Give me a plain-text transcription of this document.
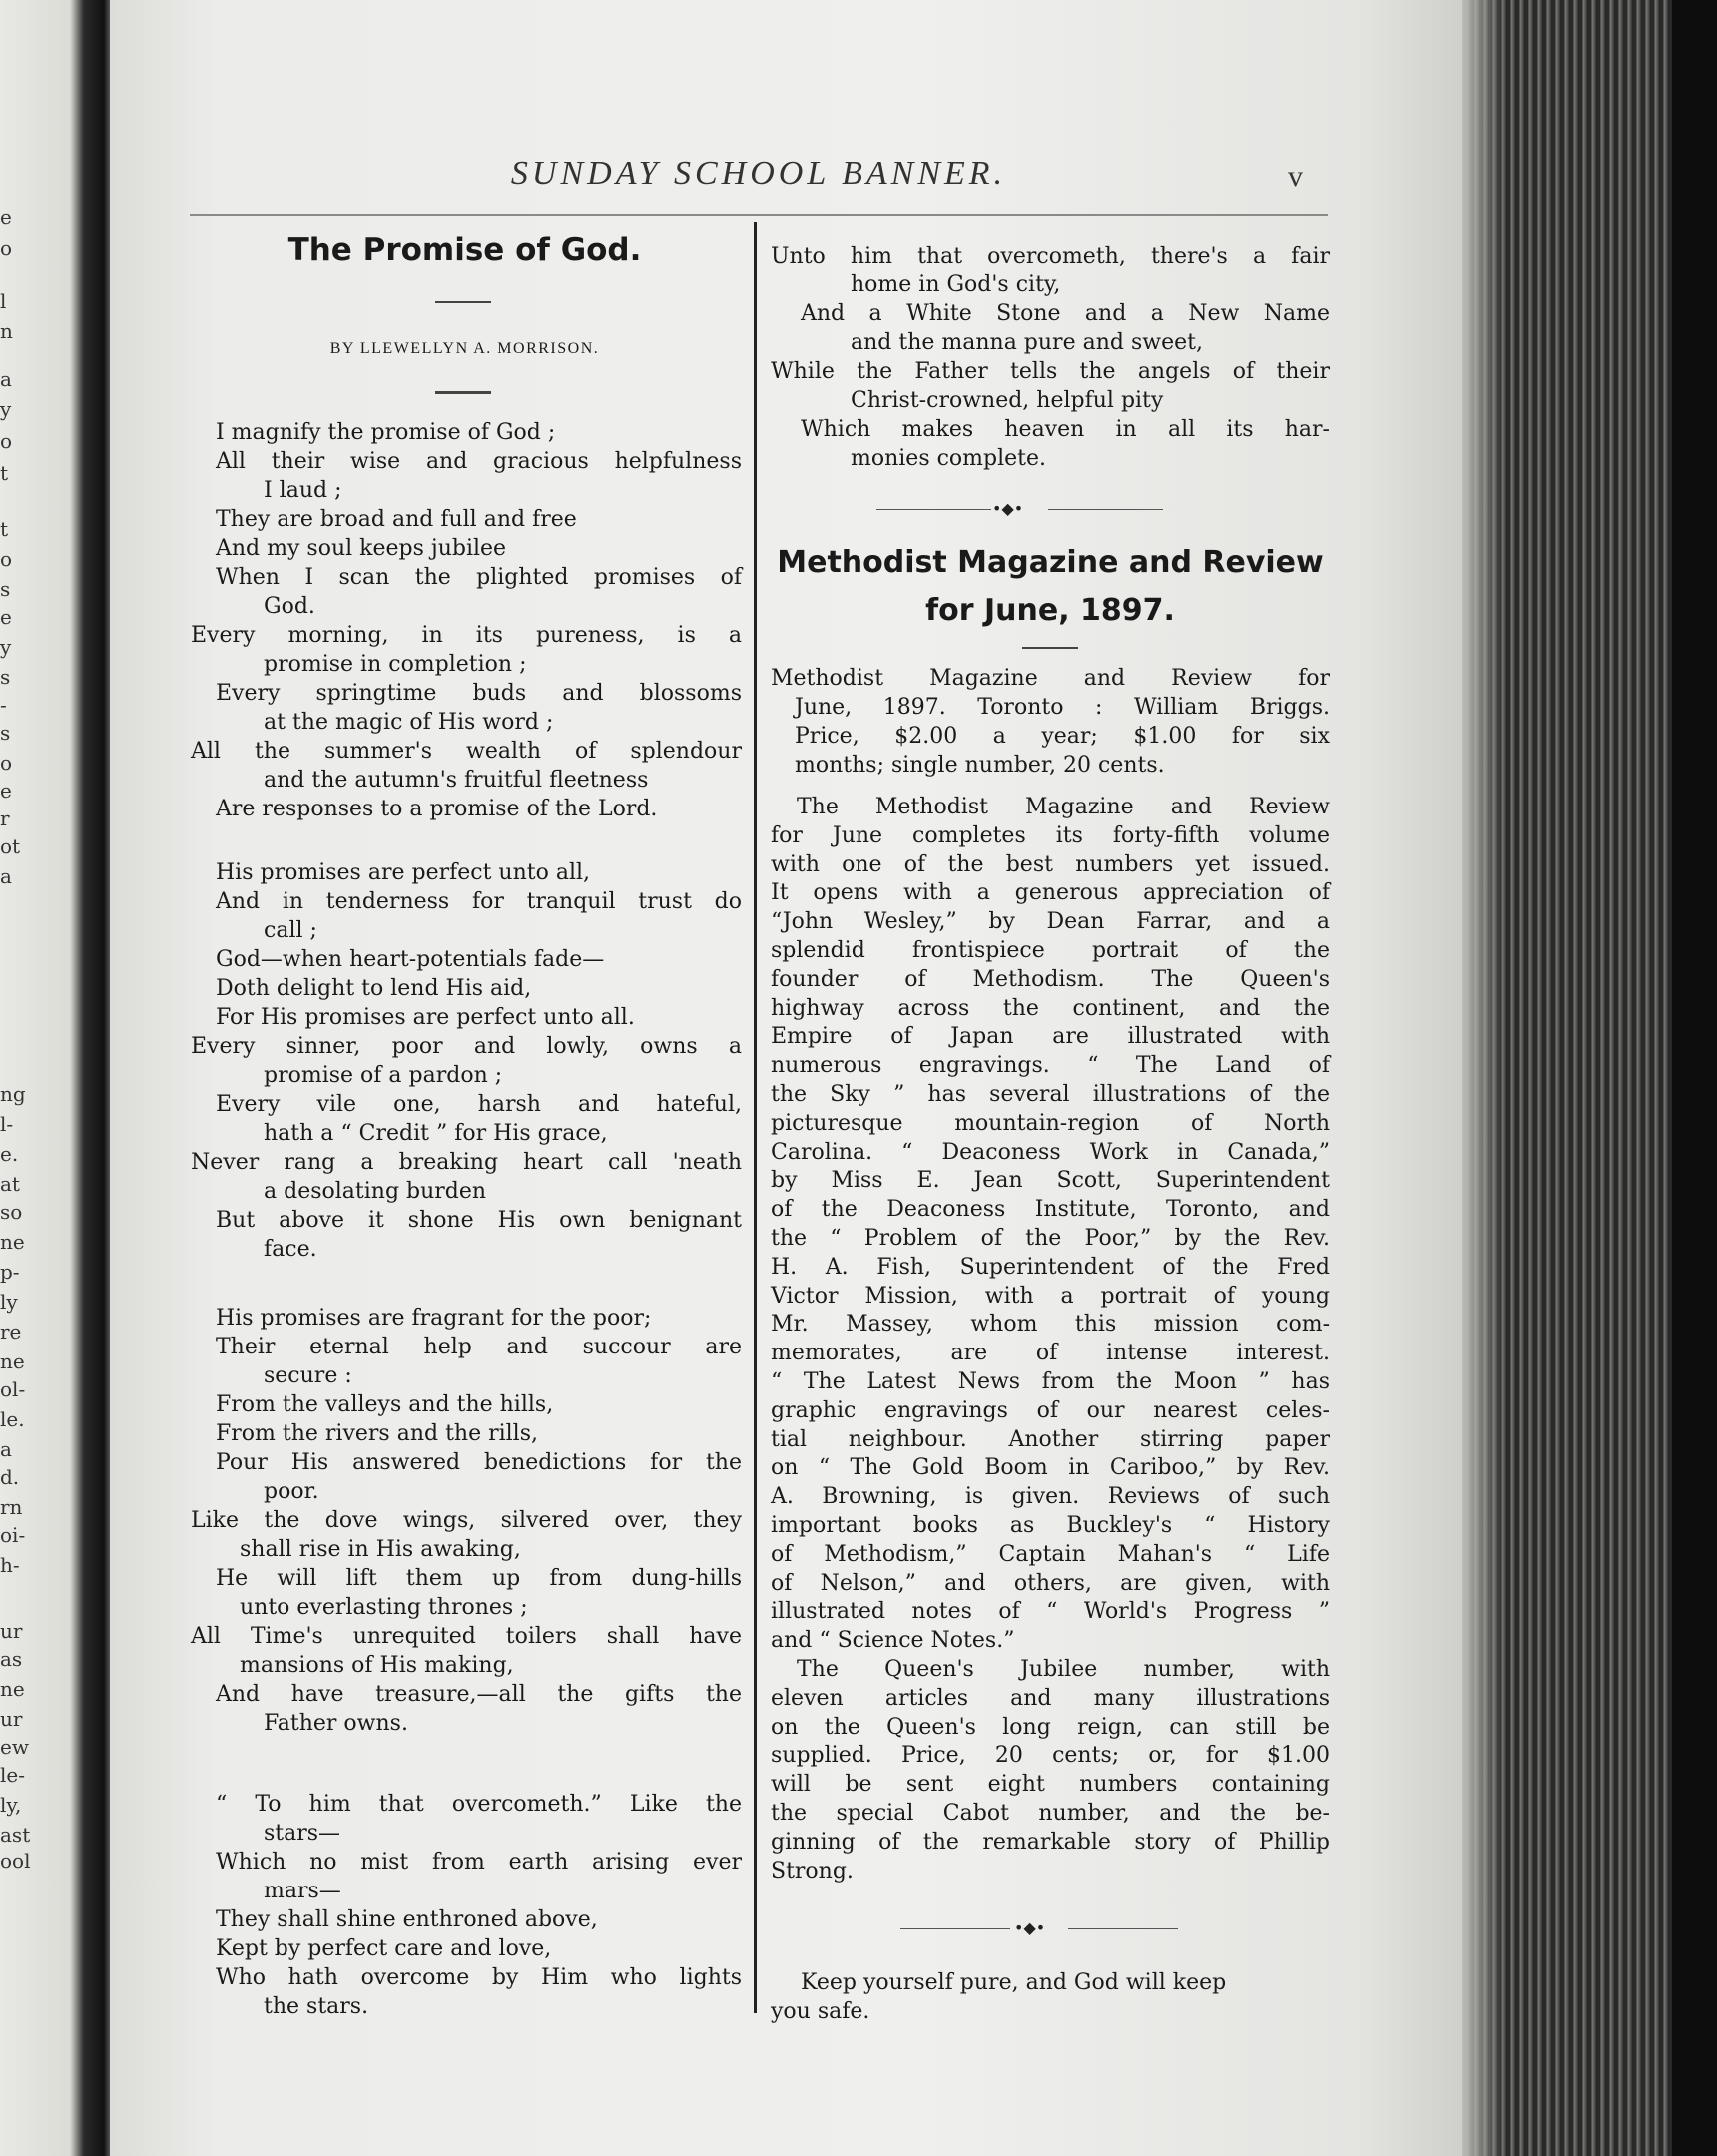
e
o
l
n
a
y
o
t
t
o
s
e
y
s
-
s
o
e
r
ot
a
ng
l-
e.
at
so
ne
p-
ly
re
ne
ol-
le.
a
d.
rn
oi-
h-
ur
as
ne
ur
ew
le-
ly,
ast
ool
SUNDAY SCHOOL BANNER.	v
The Promise of God.
BY LLEWELLYN A. MORRISON.
I magnify the promise of God ;
All their wise and gracious helpfulness
I laud ;
They are broad and full and free
And my soul keeps jubilee
When I scan the plighted promises of
God.
Every morning, in its pureness, is a
promise in completion ;
Every springtime buds and blossoms
at the magic of His word ;
All the summer's wealth of splendour
and the autumn's fruitful fleetness
Are responses to a promise of the Lord.
His promises are perfect unto all,
And in tenderness for tranquil trust do
call ;
God—when heart-potentials fade—
Doth delight to lend His aid,
For His promises are perfect unto all.
Every sinner, poor and lowly, owns a
promise of a pardon ;
Every vile one, harsh and hateful,
hath a “ Credit ” for His grace,
Never rang a breaking heart call 'neath
a desolating burden
But above it shone His own benignant
face.
His promises are fragrant for the poor;
Their eternal help and succour are
secure :
From the valleys and the hills,
From the rivers and the rills,
Pour His answered benedictions for the
poor.
Like the dove wings, silvered over, they
shall rise in His awaking,
He will lift them up from dung-hills
unto everlasting thrones ;
All Time's unrequited toilers shall have
mansions of His making,
And have treasure,—all the gifts the
Father owns.
“ To him that overcometh.” Like the
stars—
Which no mist from earth arising ever
mars—
They shall shine enthroned above,
Kept by perfect care and love,
Who hath overcome by Him who lights
the stars.
Unto him that overcometh, there's a fair
home in God's city,
And a White Stone and a New Name
and the manna pure and sweet,
While the Father tells the angels of their
Christ-crowned, helpful pity
Which makes heaven in all its har-
monies complete.
•◆•
Methodist Magazine and Review
for June, 1897.
Methodist Magazine and Review for
June, 1897. Toronto : William Briggs.
Price, $2.00 a year; $1.00 for six
months; single number, 20 cents.
The Methodist Magazine and Review
for June completes its forty-fifth volume
with one of the best numbers yet issued.
It opens with a generous appreciation of
“John Wesley,” by Dean Farrar, and a
splendid frontispiece portrait of the
founder of Methodism. The Queen's
highway across the continent, and the
Empire of Japan are illustrated with
numerous engravings. “ The Land of
the Sky ” has several illustrations of the
picturesque mountain-region of North
Carolina. “ Deaconess Work in Canada,”
by Miss E. Jean Scott, Superintendent
of the Deaconess Institute, Toronto, and
the “ Problem of the Poor,” by the Rev.
H. A. Fish, Superintendent of the Fred
Victor Mission, with a portrait of young
Mr. Massey, whom this mission com-
memorates, are of intense interest.
“ The Latest News from the Moon ” has
graphic engravings of our nearest celes-
tial neighbour. Another stirring paper
on “ The Gold Boom in Cariboo,” by Rev.
A. Browning, is given. Reviews of such
important books as Buckley's “ History
of Methodism,” Captain Mahan's “ Life
of Nelson,” and others, are given, with
illustrated notes of “ World's Progress ”
and “ Science Notes.”
The Queen's Jubilee number, with
eleven articles and many illustrations
on the Queen's long reign, can still be
supplied. Price, 20 cents; or, for $1.00
will be sent eight numbers containing
the special Cabot number, and the be-
ginning of the remarkable story of Phillip
Strong.
•◆•
Keep yourself pure, and God will keep
you safe.
